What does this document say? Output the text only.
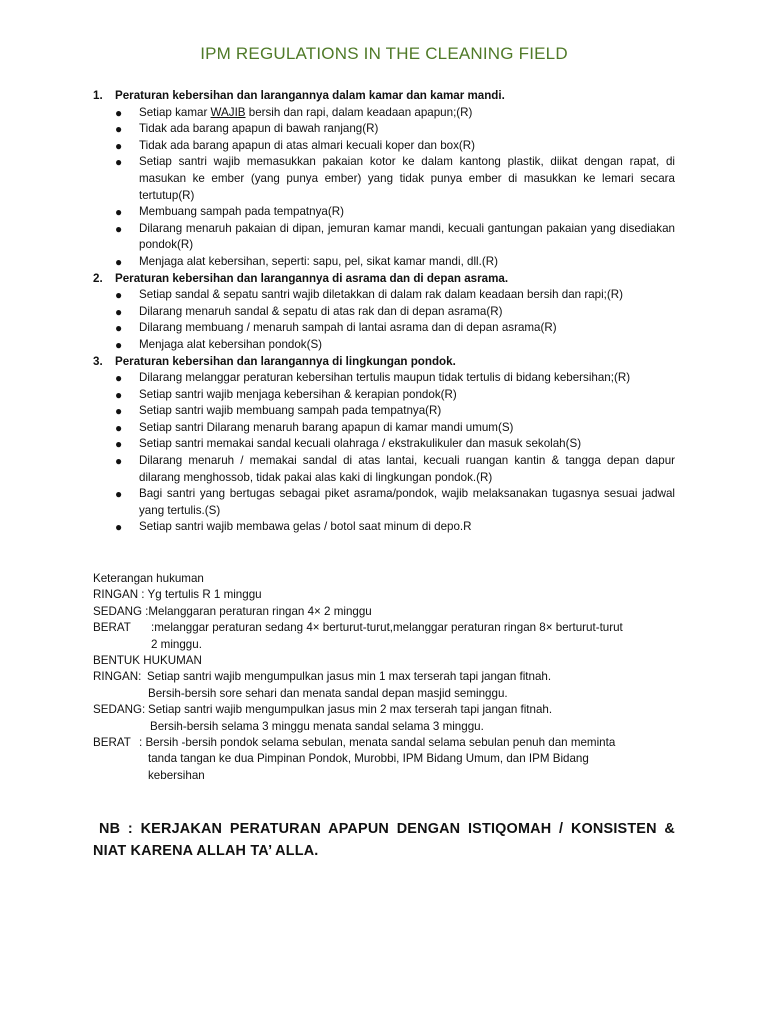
IPM REGULATIONS IN THE CLEANING FIELD
1.	Peraturan kebersihan dan larangannya dalam kamar dan kamar mandi.
●	Setiap kamar WAJIB bersih dan rapi, dalam keadaan apapun;(R)
●	Tidak ada barang apapun di bawah ranjang(R)
●	Tidak ada barang apapun di atas almari kecuali koper dan box(R)
●	Setiap santri wajib memasukkan pakaian kotor ke dalam kantong plastik, diikat dengan rapat, di masukan ke ember (yang punya ember) yang tidak punya ember di masukkan ke lemari secara tertutup(R)
●	Membuang sampah pada tempatnya(R)
●	Dilarang menaruh pakaian di dipan, jemuran kamar mandi, kecuali gantungan pakaian yang disediakan pondok(R)
●	Menjaga alat kebersihan, seperti: sapu, pel, sikat kamar mandi, dll.(R)
2.	Peraturan kebersihan dan larangannya di asrama dan di depan asrama.
●	Setiap sandal & sepatu santri wajib diletakkan di dalam rak dalam keadaan bersih dan rapi;(R)
●	Dilarang menaruh sandal & sepatu di atas rak dan di depan asrama(R)
●	Dilarang membuang / menaruh sampah di lantai asrama dan di depan asrama(R)
●	Menjaga alat kebersihan pondok(S)
3.	Peraturan kebersihan dan larangannya di lingkungan pondok.
●	Dilarang melanggar peraturan kebersihan tertulis maupun tidak tertulis di bidang kebersihan;(R)
●	Setiap santri wajib menjaga kebersihan & kerapian pondok(R)
●	Setiap santri wajib membuang sampah pada tempatnya(R)
●	Setiap santri Dilarang menaruh barang apapun di kamar mandi umum(S)
●	Setiap santri memakai sandal kecuali olahraga / ekstrakulikuler dan masuk sekolah(S)
●	Dilarang menaruh / memakai sandal di atas lantai, kecuali ruangan kantin & tangga depan dapur dilarang menghossob, tidak pakai alas kaki di lingkungan pondok.(R)
●	Bagi santri yang bertugas sebagai piket asrama/pondok, wajib melaksanakan tugasnya sesuai jadwal yang tertulis.(S)
●	Setiap santri wajib membawa gelas / botol saat minum di depo.R
Keterangan hukuman
RINGAN : Yg tertulis R 1 minggu
SEDANG :Melanggaran peraturan ringan 4× 2 minggu
BERAT	:melanggar peraturan sedang 4× berturut-turut,melanggar peraturan ringan 8× berturut-turut
2 minggu.
BENTUK HUKUMAN
RINGAN: Setiap santri wajib mengumpulkan jasus min 1 max terserah tapi jangan fitnah.
Bersih-bersih sore sehari dan menata sandal depan masjid seminggu.
SEDANG: Setiap santri wajib mengumpulkan jasus min 2 max terserah tapi jangan fitnah.
Bersih-bersih selama 3 minggu menata sandal selama 3 minggu.
BERAT : Bersih -bersih pondok selama sebulan, menata sandal selama sebulan penuh dan meminta
tanda tangan ke dua Pimpinan Pondok, Murobbi, IPM Bidang Umum, dan IPM Bidang
kebersihan
NB : KERJAKAN PERATURAN APAPUN DENGAN ISTIQOMAH / KONSISTEN & NIAT KARENA ALLAH TA’ ALLA.
